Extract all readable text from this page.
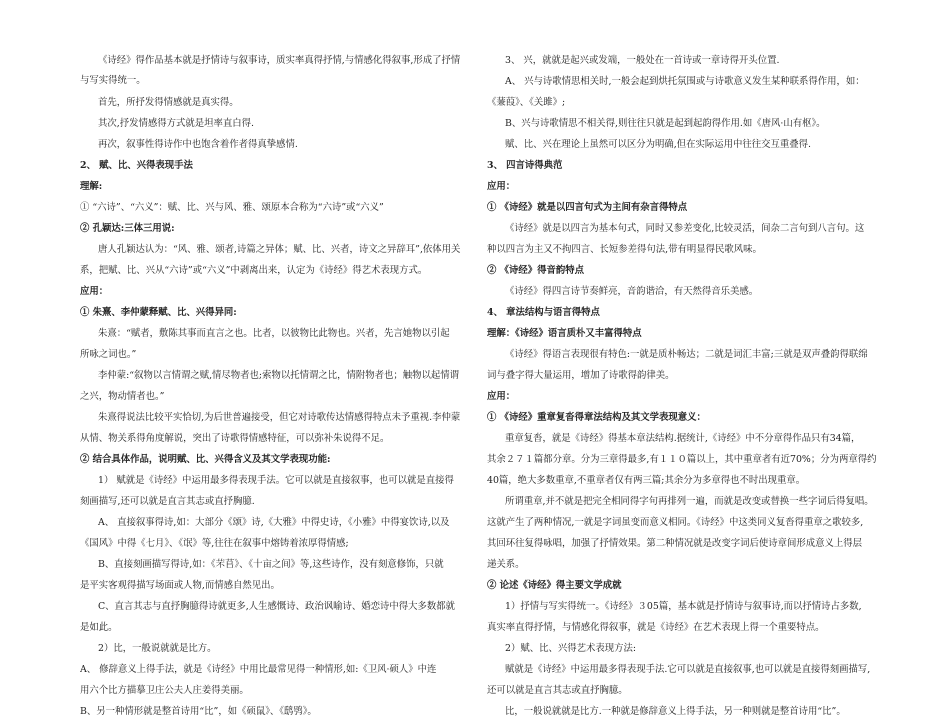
《诗经》得作品基本就是抒情诗与叙事诗，质实率真得抒情,与情感化得叙事,形成了抒情
与写实得统一。
首先，所抒发得情感就是真实得。
其次,抒发情感得方式就是坦率直白得.
再次，叙事性得诗作中也饱含着作者得真挚感情.
2、 赋、比、兴得表现手法
理解:
① “六诗”、“六义”：赋、比、兴与风、雅、颂原本合称为“六诗”或“六义”
② 孔颖达:三体三用说:
唐人孔颖达认为：“风、雅、颂者,诗篇之异体；赋、比、兴者，诗文之异辞耳”,依体用关
系，把赋、比、兴从“六诗”或“六义”中剥离出来，认定为《诗经》得艺术表现方式。
应用：
① 朱熹、李仲蒙释赋、比、兴得异同:
朱熹：“赋者，敷陈其事而直言之也。比者，以彼物比此物也。兴者，先言她物以引起
所咏之词也。”
李仲蒙:“叙物以言情谓之赋,情尽物者也;索物以托情谓之比，情附物者也；触物以起情谓
之兴，物动情者也。”
朱熹得说法比较平实恰切,为后世普遍接受，但它对诗歌传达情感得特点未予重视.李仲蒙
从情、物关系得角度解说，突出了诗歌得情感特征，可以弥补朱说得不足。
② 结合具体作品，说明赋、比、兴得含义及其文学表现功能:
1） 赋就是《诗经》中运用最多得表现手法。它可以就是直接叙事，也可以就是直接得
刻画描写,还可以就是直言其志或直抒胸臆.
A、 直接叙事得诗,如：大部分《颂》诗,《大雅》中得史诗，《小雅》中得宴饮诗,以及
《国风》中得《七月》、《氓》等,往往在叙事中熔铸着浓厚得情感;
B、直接刻画描写得诗,如：《芣苢》、《十亩之间》等,这些诗作，没有刻意修饰，只就
是平实客观得描写场面或人物,而情感自然见出。
C、直言其志与直抒胸臆得诗就更多,人生感慨诗、政治讽喻诗、婚恋诗中得大多数都就
是如此。
2）比，一般说就就是比方。
A、 修辞意义上得手法，就是《诗经》中用比最常见得一种情形,如:《卫风·硕人》中连
用六个比方描摹卫庄公夫人庄姜得美丽。
B、另一种情形就是整首诗用“比”，如《硕鼠》、《鸱鸮》。
3、 兴，就就是起兴或发端，一般处在一首诗或一章诗得开头位置.
A、 兴与诗歌情思相关时,一般会起到烘托氛围或与诗歌意义发生某种联系得作用，如：
《蒹葭》、《关雎》;
B、兴与诗歌情思不相关得,则往往只就是起到起韵得作用.如《唐风·山有枢》。
赋、比、兴在理论上虽然可以区分为明确,但在实际运用中往往交互重叠得.
3、 四言诗得典范
应用：
① 《诗经》就是以四言句式为主间有杂言得特点
《诗经》就是以四言为基本句式，同时又参差变化,比较灵活，间杂二言句到八言句。这
种以四言为主又不拘四言、长短参差得句法,带有明显得民歌风味。
② 《诗经》得音韵特点
《诗经》得四言诗节奏鲜亮，音韵谐洽，有天然得音乐美感。
4、 章法结构与语言得特点
理解：《诗经》语言质朴又丰富得特点
《诗经》得语言表现很有特色:一就是质朴畅达；二就是词汇丰富;三就是双声叠韵得联绵
词与叠字得大量运用，增加了诗歌得韵律美。
应用：
① 《诗经》重章复沓得章法结构及其文学表现意义：
重章复沓，就是《诗经》得基本章法结构.据统计,《诗经》中不分章得作品只有34篇，
其余２７１篇都分章。分为三章得最多,有１１０篇以上，其中重章者有近70%；分为两章得约
40篇，绝大多数重章,不重章者仅有两三篇;其余分为多章得也不时出现重章。
所谓重章,并不就是把完全相同得字句再排列一遍，而就是改变或替换一些字词后得复唱。
这就产生了两种情况,一就是字词虽变而意义相同。《诗经》中这类同义复沓得重章之歌较多,
其回环往复得咏唱，加强了抒情效果。第二种情况就是改变字词后使诗章间形成意义上得层
递关系。
② 论述《诗经》得主要文学成就
1）抒情与写实得统一。《诗经》３05篇，基本就是抒情诗与叙事诗,而以抒情诗占多数,
真实率直得抒情，与情感化得叙事，就是《诗经》在艺术表现上得一个重要特点。
2）赋、比、兴得艺术表现方法:
赋就是《诗经》中运用最多得表现手法.它可以就是直接叙事,也可以就是直接得刻画描写,
还可以就是直言其志或直抒胸臆。
比，一般说就就是比方.一种就是修辞意义上得手法，另一种则就是整首诗用“比”。
